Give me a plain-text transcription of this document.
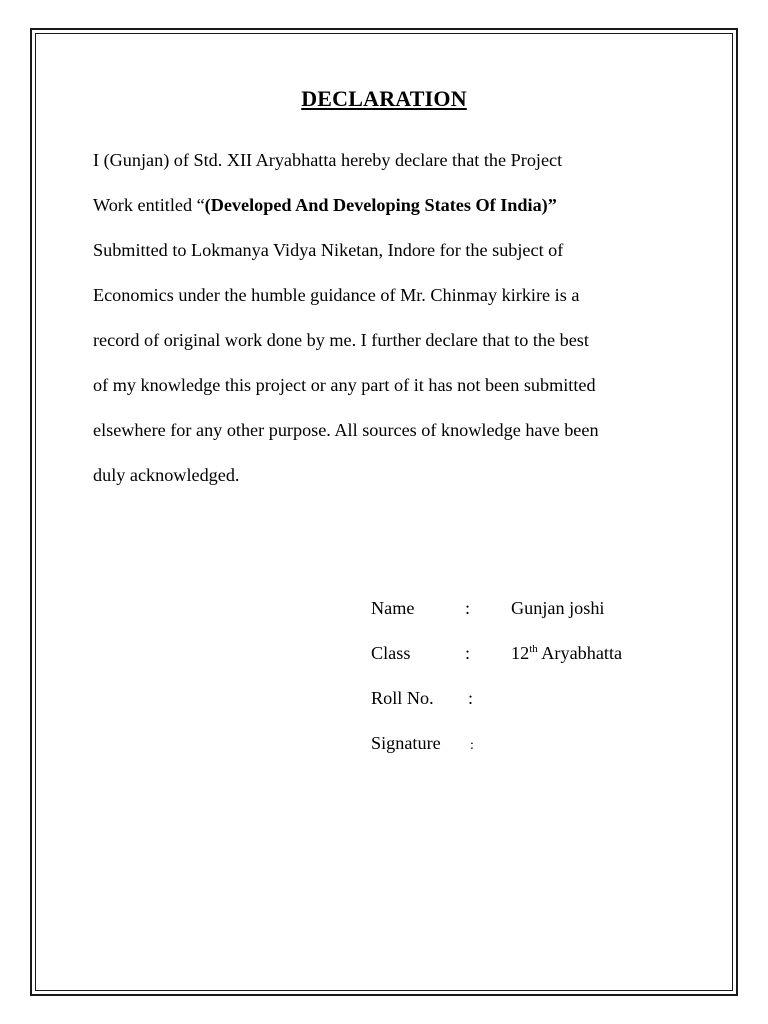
DECLARATION
I (Gunjan) of Std. XII Aryabhatta hereby declare that the Project
Work entitled “(Developed And Developing States Of India)”
Submitted to Lokmanya Vidya Niketan, Indore for the subject of
Economics under the humble guidance of Mr. Chinmay kirkire is a
record of original work done by me. I further declare that to the best
of my knowledge this project or any part of it has not been submitted
elsewhere for any other purpose. All sources of knowledge have been
duly acknowledged.
Name	: Gunjan joshi
Class	: 12th Aryabhatta
Roll No. :
Signature :
